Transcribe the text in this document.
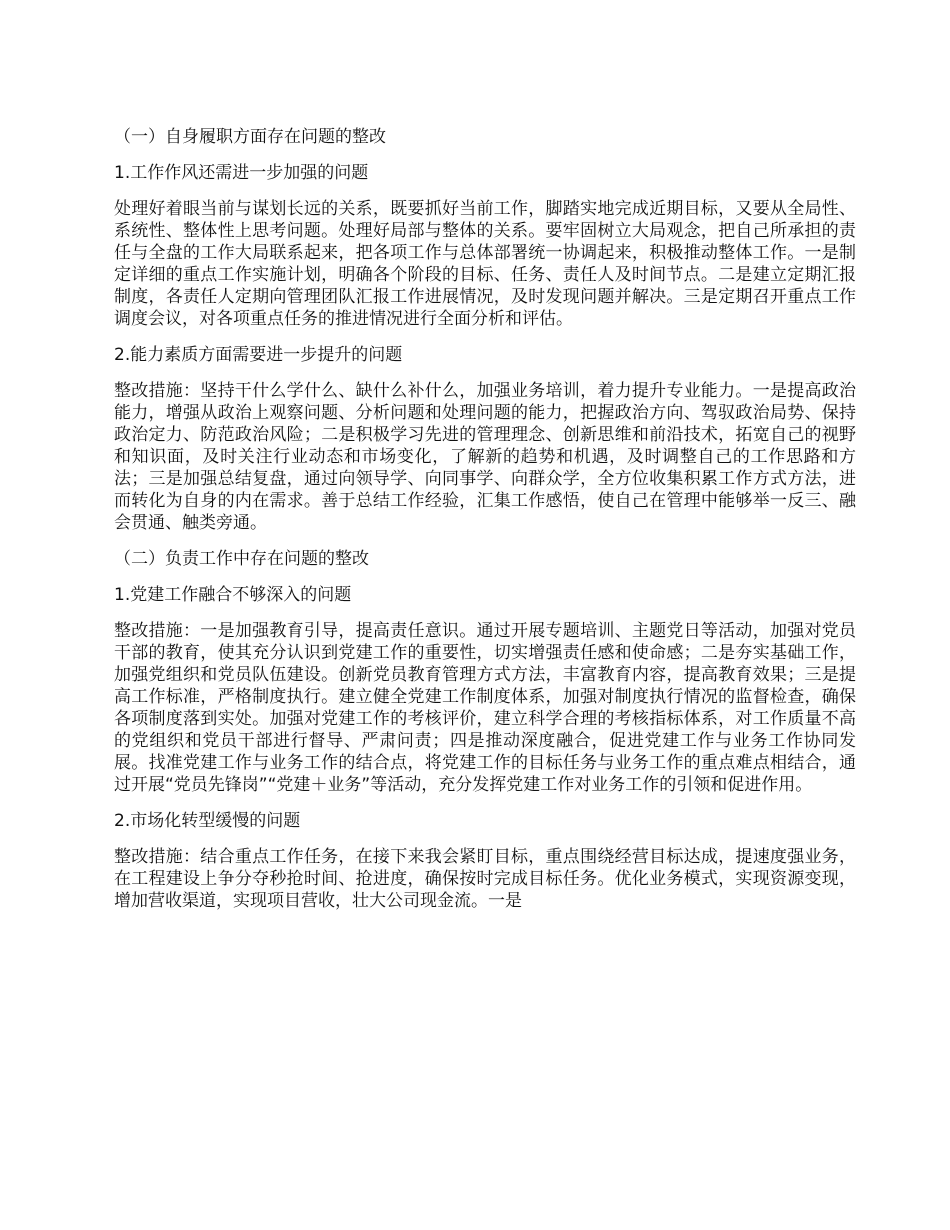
（一）自身履职方面存在问题的整改

1.工作作风还需进一步加强的问题

处理好着眼当前与谋划长远的关系，既要抓好当前工作，脚踏实地完成近期目标，又要从全局性、系统性、整体性上思考问题。处理好局部与整体的关系。要牢固树立大局观念，把自己所承担的责任与全盘的工作大局联系起来，把各项工作与总体部署统一协调起来，积极推动整体工作。一是制定详细的重点工作实施计划，明确各个阶段的目标、任务、责任人及时间节点。二是建立定期汇报制度，各责任人定期向管理团队汇报工作进展情况，及时发现问题并解决。三是定期召开重点工作调度会议，对各项重点任务的推进情况进行全面分析和评估。

2.能力素质方面需要进一步提升的问题

整改措施：坚持干什么学什么、缺什么补什么，加强业务培训，着力提升专业能力。一是提高政治能力，增强从政治上观察问题、分析问题和处理问题的能力，把握政治方向、驾驭政治局势、保持政治定力、防范政治风险；二是积极学习先进的管理理念、创新思维和前沿技术，拓宽自己的视野和知识面，及时关注行业动态和市场变化，了解新的趋势和机遇，及时调整自己的工作思路和方法；三是加强总结复盘，通过向领导学、向同事学、向群众学，全方位收集积累工作方式方法，进而转化为自身的内在需求。善于总结工作经验，汇集工作感悟，使自己在管理中能够举一反三、融会贯通、触类旁通。

（二）负责工作中存在问题的整改

1.党建工作融合不够深入的问题

整改措施：一是加强教育引导，提高责任意识。通过开展专题培训、主题党日等活动，加强对党员干部的教育，使其充分认识到党建工作的重要性，切实增强责任感和使命感；二是夯实基础工作，加强党组织和党员队伍建设。创新党员教育管理方式方法，丰富教育内容，提高教育效果；三是提高工作标准，严格制度执行。建立健全党建工作制度体系，加强对制度执行情况的监督检查，确保各项制度落到实处。加强对党建工作的考核评价，建立科学合理的考核指标体系，对工作质量不高的党组织和党员干部进行督导、严肃问责；四是推动深度融合，促进党建工作与业务工作协同发展。找准党建工作与业务工作的结合点，将党建工作的目标任务与业务工作的重点难点相结合，通过开展“党员先锋岗”“党建＋业务”等活动，充分发挥党建工作对业务工作的引领和促进作用。

2.市场化转型缓慢的问题

整改措施：结合重点工作任务，在接下来我会紧盯目标，重点围绕经营目标达成，提速度强业务，在工程建设上争分夺秒抢时间、抢进度，确保按时完成目标任务。优化业务模式，实现资源变现，增加营收渠道，实现项目营收，壮大公司现金流。一是
